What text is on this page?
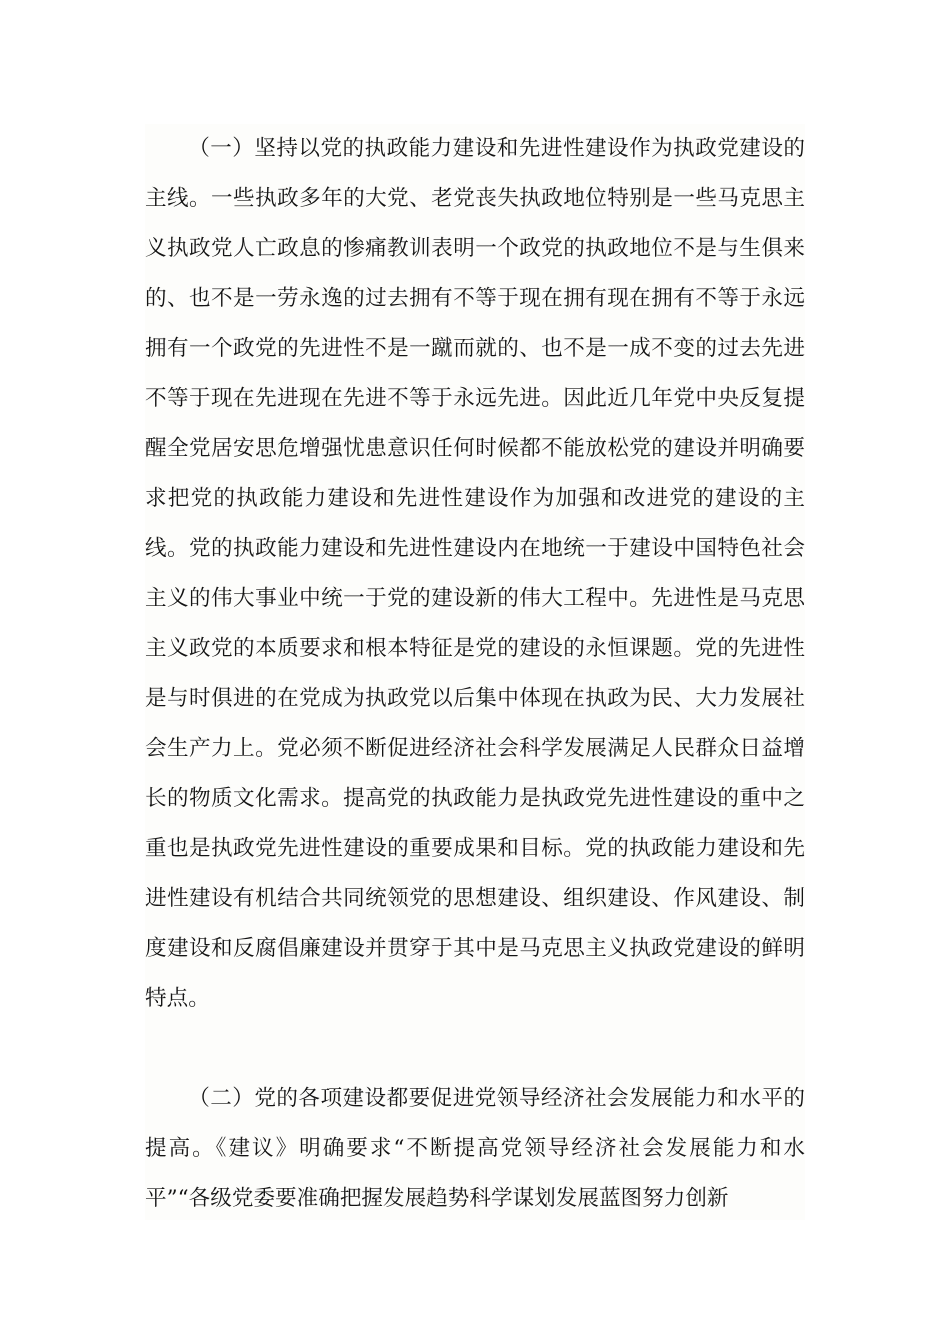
（一）坚持以党的执政能力建设和先进性建设作为执政党建设的主线。一些执政多年的大党、老党丧失执政地位特别是一些马克思主义执政党人亡政息的惨痛教训表明一个政党的执政地位不是与生俱来的、也不是一劳永逸的过去拥有不等于现在拥有现在拥有不等于永远拥有一个政党的先进性不是一蹴而就的、也不是一成不变的过去先进不等于现在先进现在先进不等于永远先进。因此近几年党中央反复提醒全党居安思危增强忧患意识任何时候都不能放松党的建设并明确要求把党的执政能力建设和先进性建设作为加强和改进党的建设的主线。党的执政能力建设和先进性建设内在地统一于建设中国特色社会主义的伟大事业中统一于党的建设新的伟大工程中。先进性是马克思主义政党的本质要求和根本特征是党的建设的永恒课题。党的先进性是与时俱进的在党成为执政党以后集中体现在执政为民、大力发展社会生产力上。党必须不断促进经济社会科学发展满足人民群众日益增长的物质文化需求。提高党的执政能力是执政党先进性建设的重中之重也是执政党先进性建设的重要成果和目标。党的执政能力建设和先进性建设有机结合共同统领党的思想建设、组织建设、作风建设、制度建设和反腐倡廉建设并贯穿于其中是马克思主义执政党建设的鲜明特点。

（二）党的各项建设都要促进党领导经济社会发展能力和水平的提高。《建议》明确要求“不断提高党领导经济社会发展能力和水平”“各级党委要准确把握发展趋势科学谋划发展蓝图努力创新
